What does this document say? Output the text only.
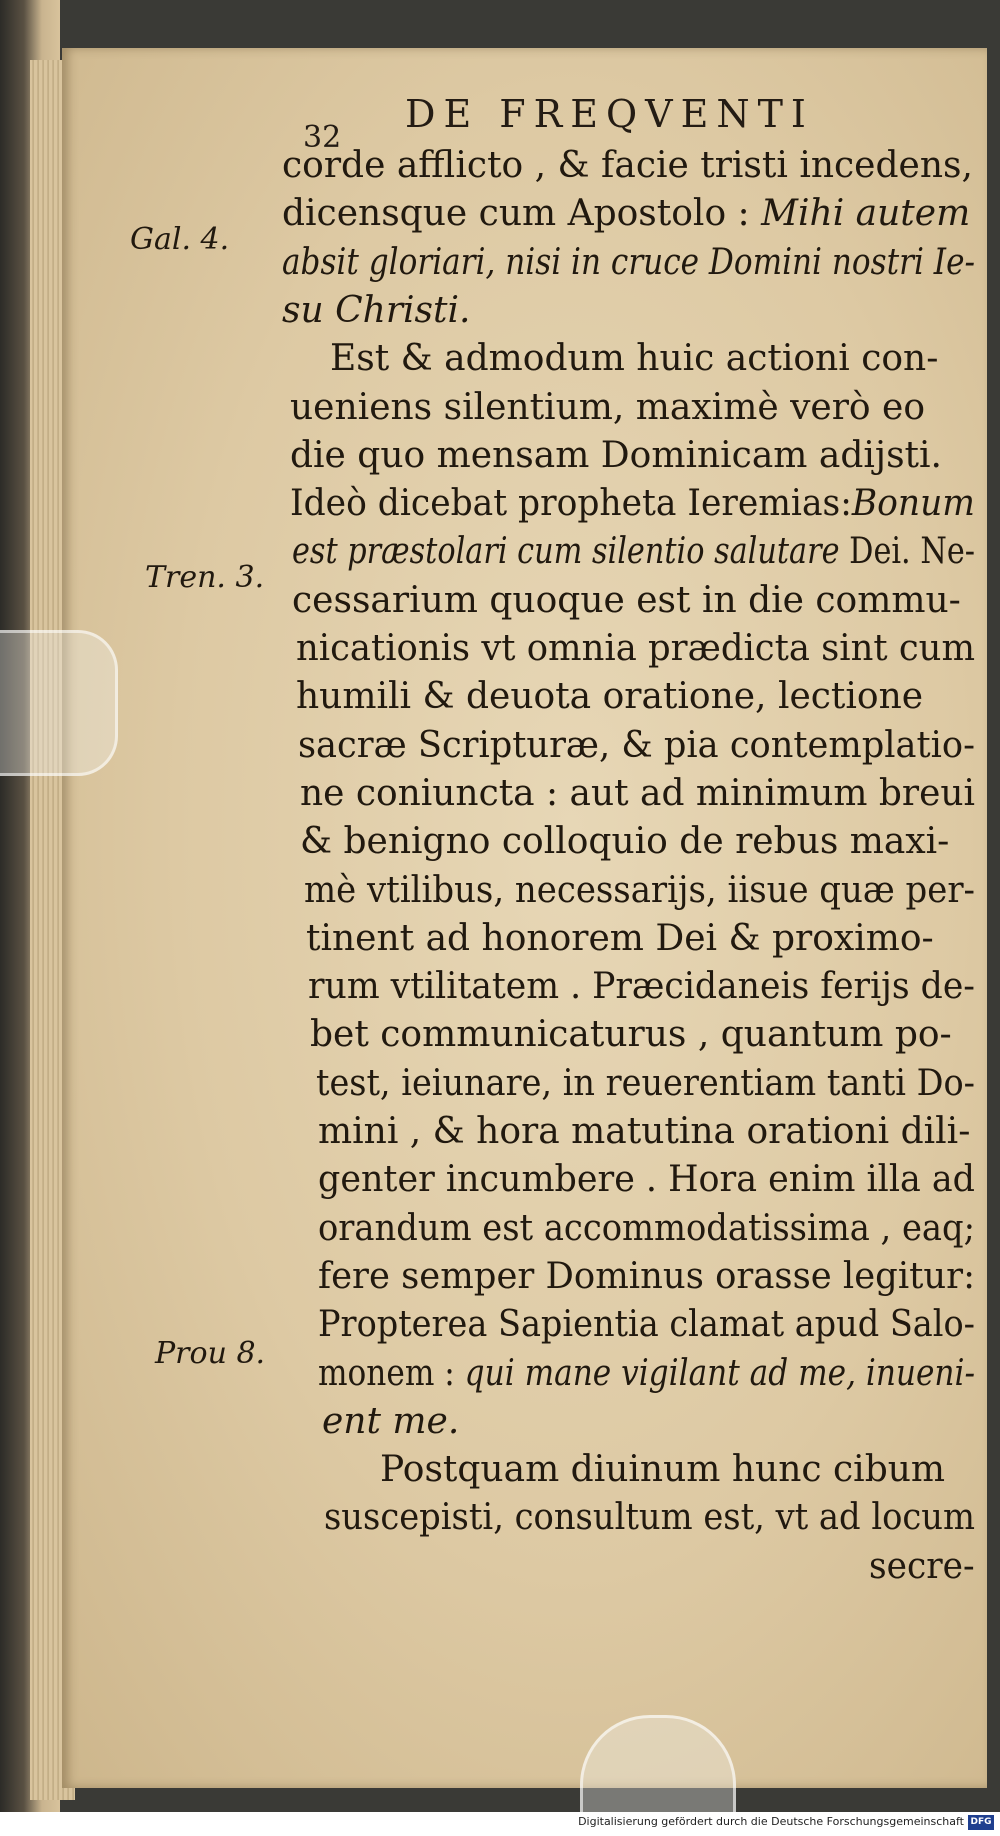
32
DE FREQVENTI
corde afflicto , & facie tristi incedens,
dicensque cum Apostolo : Mihi autem
absit gloriari, nisi in cruce Domini nostri Ie-
su Christi.
Est & admodum huic actioni con-
ueniens silentium, maximè verò eo
die quo mensam Dominicam adijsti.
Ideò dicebat propheta Ieremias:Bonum
est præstolari cum silentio salutare Dei. Ne-
cessarium quoque est in die commu-
nicationis vt omnia prædicta sint cum
humili & deuota oratione, lectione
sacræ Scripturæ, & pia contemplatio-
ne coniuncta : aut ad minimum breui
& benigno colloquio de rebus maxi-
mè vtilibus, necessarijs, iisue quæ per-
tinent ad honorem Dei & proximo-
rum vtilitatem . Præcidaneis ferijs de-
bet communicaturus , quantum po-
test, ieiunare, in reuerentiam tanti Do-
mini , & hora matutina orationi dili-
genter incumbere . Hora enim illa ad
orandum est accommodatissima , eaq;
fere semper Dominus orasse legitur:
Propterea Sapientia clamat apud Salo-
monem : qui mane vigilant ad me, inueni-
ent me.
Postquam diuinum hunc cibum
suscepisti, consultum est, vt ad locum
secre-
Gal. 4.
Tren. 3.
Prou 8.
Digitalisierung gefördert durch die Deutsche Forschungsgemeinschaft DFG
